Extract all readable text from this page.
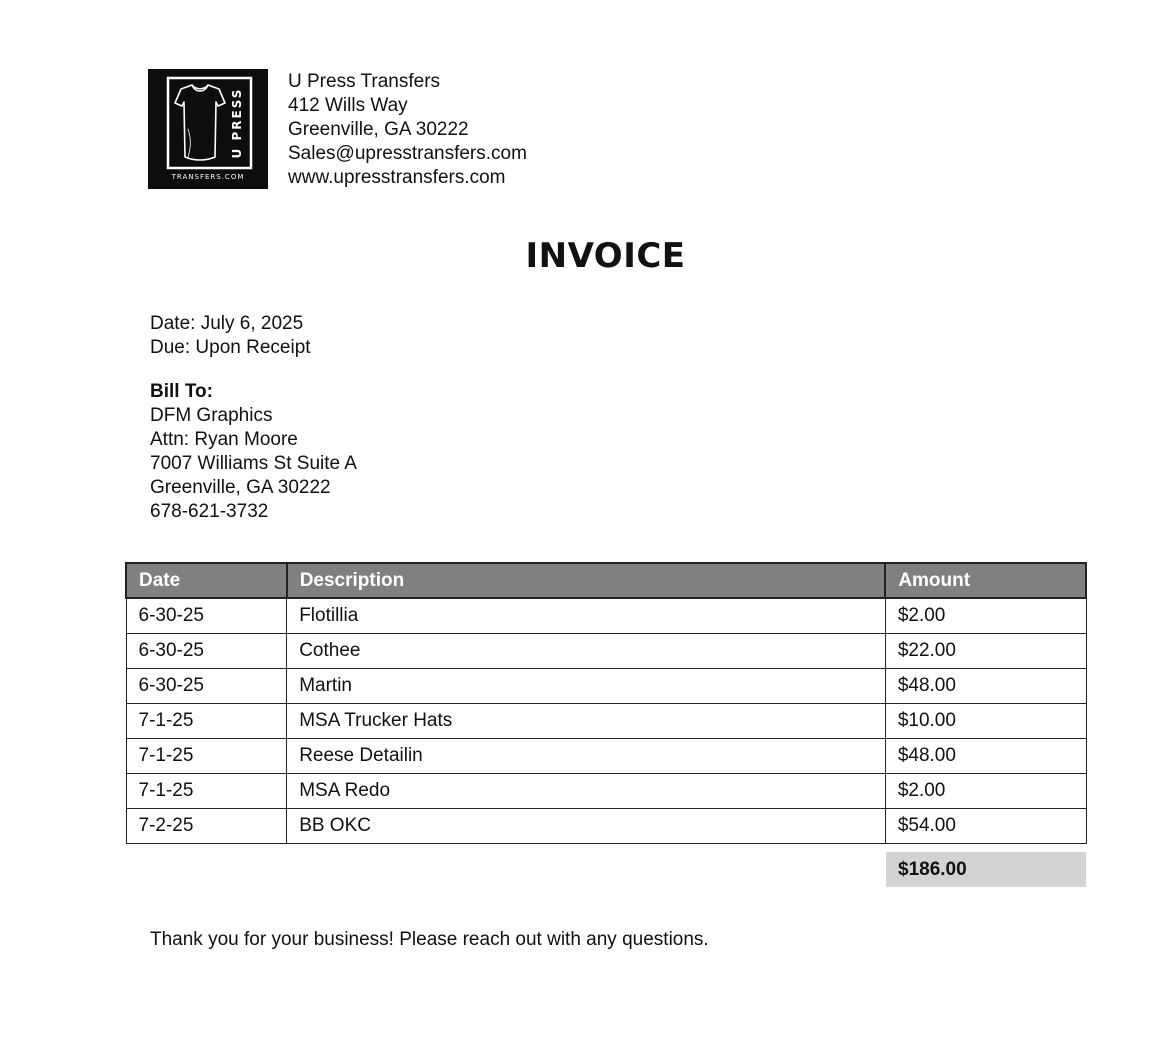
U PRESS
TRANSFERS.COM
U Press Transfers
412 Wills Way
Greenville, GA 30222
Sales@upresstransfers.com
www.upresstransfers.com
INVOICE
Date: July 6, 2025
Due: Upon Receipt
Bill To:
DFM Graphics
Attn: Ryan Moore
7007 Williams St Suite A
Greenville, GA 30222
678-621-3732
Date	Description	Amount
6-30-25	Flotillia	$2.00
6-30-25	Cothee	$22.00
6-30-25	Martin	$48.00
7-1-25	MSA Trucker Hats	$10.00
7-1-25	Reese Detailin	$48.00
7-1-25	MSA Redo	$2.00
7-2-25	BB OKC	$54.00
$186.00
Thank you for your business! Please reach out with any questions.
